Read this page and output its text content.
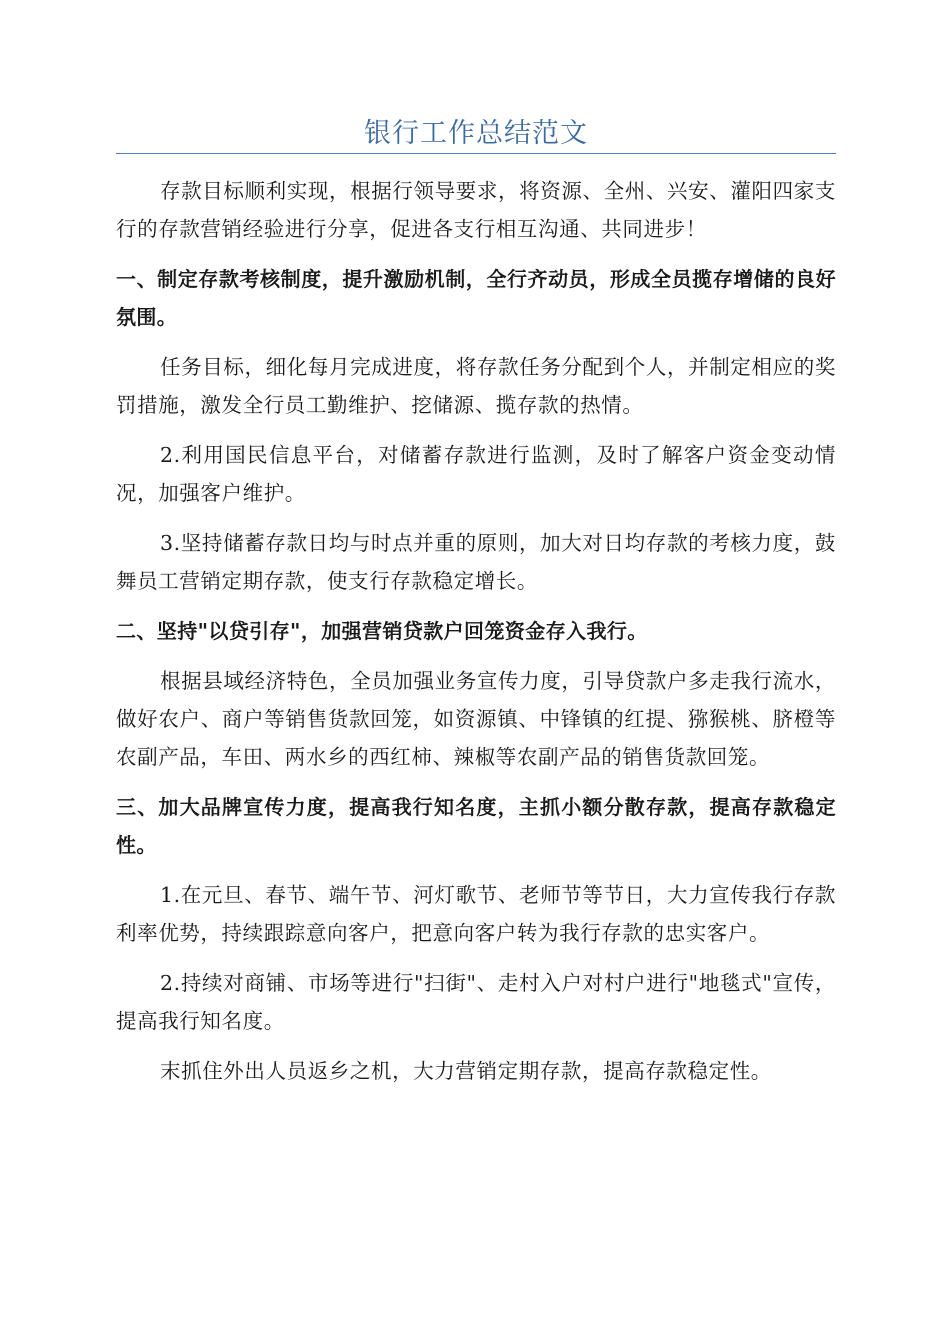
银行工作总结范文

存款目标顺利实现，根据行领导要求，将资源、全州、兴安、灌阳四家支行的存款营销经验进行分享，促进各支行相互沟通、共同进步！

一、制定存款考核制度，提升激励机制，全行齐动员，形成全员揽存增储的良好氛围。

任务目标，细化每月完成进度，将存款任务分配到个人，并制定相应的奖罚措施，激发全行员工勤维护、挖储源、揽存款的热情。

2.利用国民信息平台，对储蓄存款进行监测，及时了解客户资金变动情况，加强客户维护。

3.坚持储蓄存款日均与时点并重的原则，加大对日均存款的考核力度，鼓舞员工营销定期存款，使支行存款稳定增长。

二、坚持"以贷引存"，加强营销贷款户回笼资金存入我行。

根据县域经济特色，全员加强业务宣传力度，引导贷款户多走我行流水，做好农户、商户等销售货款回笼，如资源镇、中锋镇的红提、猕猴桃、脐橙等农副产品，车田、两水乡的西红柿、辣椒等农副产品的销售货款回笼。

三、加大品牌宣传力度，提高我行知名度，主抓小额分散存款，提高存款稳定性。

1.在元旦、春节、端午节、河灯歌节、老师节等节日，大力宣传我行存款利率优势，持续跟踪意向客户，把意向客户转为我行存款的忠实客户。

2.持续对商铺、市场等进行"扫街"、走村入户对村户进行"地毯式"宣传，提高我行知名度。

末抓住外出人员返乡之机，大力营销定期存款，提高存款稳定性。
